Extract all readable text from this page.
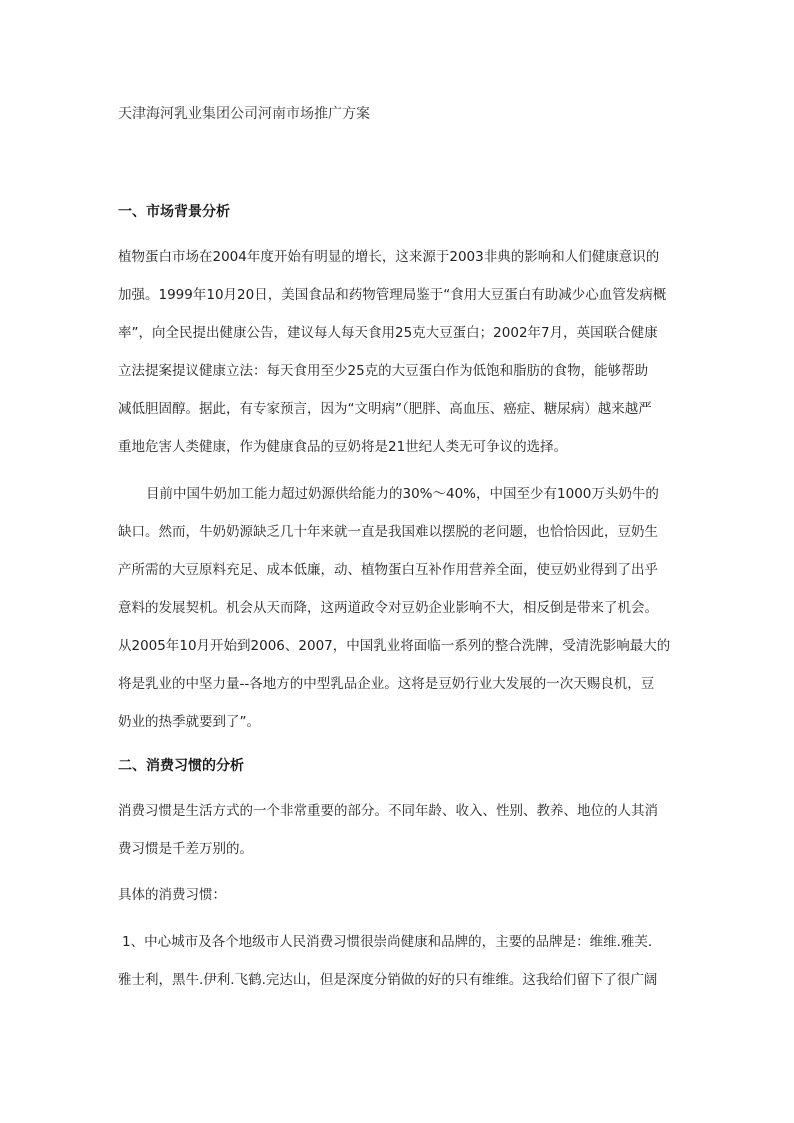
天津海河乳业集团公司河南市场推广方案
一、市场背景分析
植物蛋白市场在2004年度开始有明显的增长，这来源于2003非典的影响和人们健康意识的
加强。1999年10月20日，美国食品和药物管理局鉴于“食用大豆蛋白有助减少心血管发病概
率”，向全民提出健康公告，建议每人每天食用25克大豆蛋白；2002年7月，英国联合健康
立法提案提议健康立法：每天食用至少25克的大豆蛋白作为低饱和脂肪的食物，能够帮助
减低胆固醇。据此，有专家预言，因为“文明病”（肥胖、高血压、癌症、糖尿病）越来越严
重地危害人类健康，作为健康食品的豆奶将是21世纪人类无可争议的选择。
目前中国牛奶加工能力超过奶源供给能力的30%～40%，中国至少有1000万头奶牛的
缺口。然而，牛奶奶源缺乏几十年来就一直是我国难以摆脱的老问题，也恰恰因此，豆奶生
产所需的大豆原料充足、成本低廉，动、植物蛋白互补作用营养全面，使豆奶业得到了出乎
意料的发展契机。机会从天而降，这两道政令对豆奶企业影响不大，相反倒是带来了机会。
从2005年10月开始到2006、2007，中国乳业将面临一系列的整合洗牌，受清洗影响最大的
将是乳业的中坚力量--各地方的中型乳品企业。这将是豆奶行业大发展的一次天赐良机，豆
奶业的热季就要到了”。
二、消费习惯的分析
消费习惯是生活方式的一个非常重要的部分。不同年龄、收入、性别、教养、地位的人其消
费习惯是千差万别的。
具体的消费习惯：
1、中心城市及各个地级市人民消费习惯很崇尚健康和品牌的，主要的品牌是：维维.雅芙.
雅士利，黑牛.伊利.飞鹤.完达山，但是深度分销做的好的只有维维。这我给们留下了很广阔
